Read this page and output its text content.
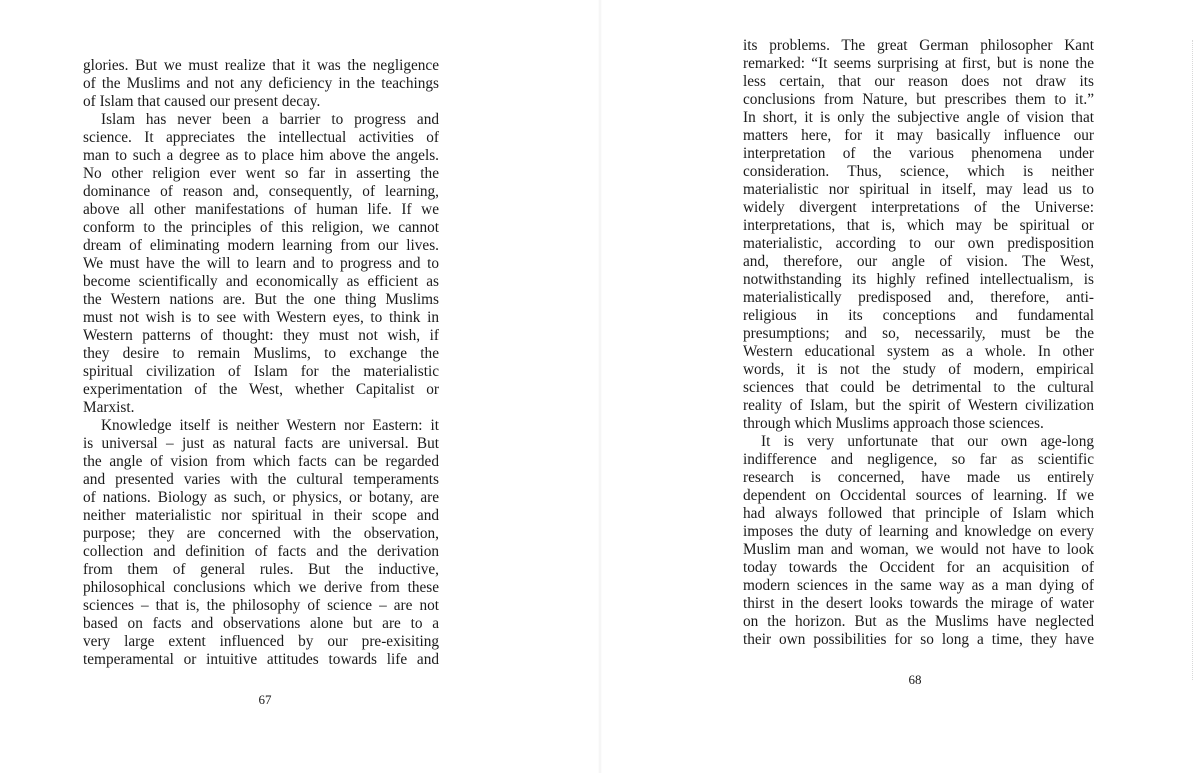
glories. But we must realize that it was the negligence
of the Muslims and not any deficiency in the teachings
of Islam that caused our present decay.
Islam has never been a barrier to progress and
science. It appreciates the intellectual activities of
man to such a degree as to place him above the angels.
No other religion ever went so far in asserting the
dominance of reason and, consequently, of learning,
above all other manifestations of human life. If we
conform to the principles of this religion, we cannot
dream of eliminating modern learning from our lives.
We must have the will to learn and to progress and to
become scientifically and economically as efficient as
the Western nations are. But the one thing Muslims
must not wish is to see with Western eyes, to think in
Western patterns of thought: they must not wish, if
they desire to remain Muslims, to exchange the
spiritual civilization of Islam for the materialistic
experimentation of the West, whether Capitalist or
Marxist.
Knowledge itself is neither Western nor Eastern: it
is universal – just as natural facts are universal. But
the angle of vision from which facts can be regarded
and presented varies with the cultural temperaments
of nations. Biology as such, or physics, or botany, are
neither materialistic nor spiritual in their scope and
purpose; they are concerned with the observation,
collection and definition of facts and the derivation
from them of general rules. But the inductive,
philosophical conclusions which we derive from these
sciences – that is, the philosophy of science – are not
based on facts and observations alone but are to a
very large extent influenced by our pre-exisiting
temperamental or intuitive attitudes towards life and
67
its problems. The great German philosopher Kant
remarked: “It seems surprising at first, but is none the
less certain, that our reason does not draw its
conclusions from Nature, but prescribes them to it.”
In short, it is only the subjective angle of vision that
matters here, for it may basically influence our
interpretation of the various phenomena under
consideration. Thus, science, which is neither
materialistic nor spiritual in itself, may lead us to
widely divergent interpretations of the Universe:
interpretations, that is, which may be spiritual or
materialistic, according to our own predisposition
and, therefore, our angle of vision. The West,
notwithstanding its highly refined intellectualism, is
materialistically predisposed and, therefore, anti-
religious in its conceptions and fundamental
presumptions; and so, necessarily, must be the
Western educational system as a whole. In other
words, it is not the study of modern, empirical
sciences that could be detrimental to the cultural
reality of Islam, but the spirit of Western civilization
through which Muslims approach those sciences.
It is very unfortunate that our own age-long
indifference and negligence, so far as scientific
research is concerned, have made us entirely
dependent on Occidental sources of learning. If we
had always followed that principle of Islam which
imposes the duty of learning and knowledge on every
Muslim man and woman, we would not have to look
today towards the Occident for an acquisition of
modern sciences in the same way as a man dying of
thirst in the desert looks towards the mirage of water
on the horizon. But as the Muslims have neglected
their own possibilities for so long a time, they have
68
